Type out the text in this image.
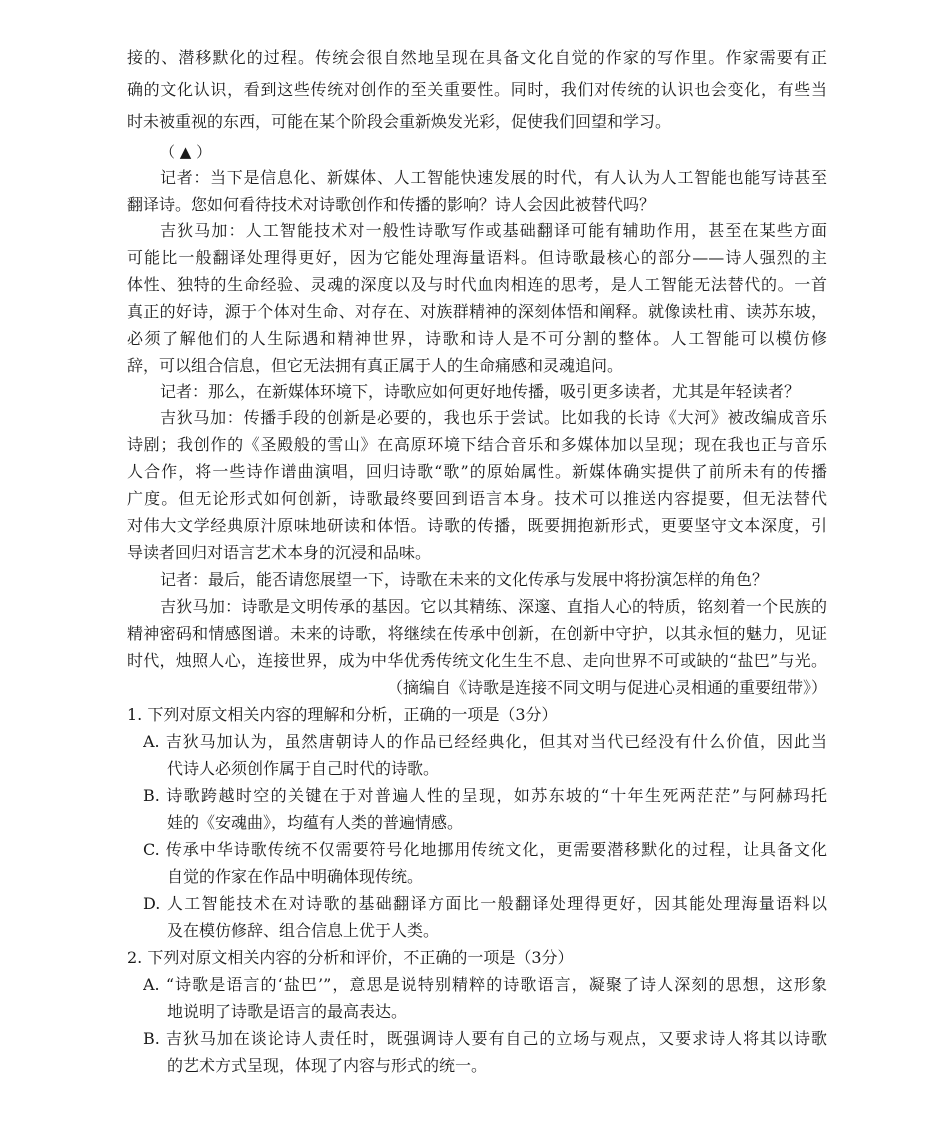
接的、潜移默化的过程。传统会很自然地呈现在具备文化自觉的作家的写作里。作家需要有正
确的文化认识，看到这些传统对创作的至关重要性。同时，我们对传统的认识也会变化，有些当
时未被重视的东西，可能在某个阶段会重新焕发光彩，促使我们回望和学习。
（ ▲ ）
记者：当下是信息化、新媒体、人工智能快速发展的时代，有人认为人工智能也能写诗甚至
翻译诗。您如何看待技术对诗歌创作和传播的影响？诗人会因此被替代吗？
吉狄马加：人工智能技术对一般性诗歌写作或基础翻译可能有辅助作用，甚至在某些方面
可能比一般翻译处理得更好，因为它能处理海量语料。但诗歌最核心的部分——诗人强烈的主
体性、独特的生命经验、灵魂的深度以及与时代血肉相连的思考，是人工智能无法替代的。一首
真正的好诗，源于个体对生命、对存在、对族群精神的深刻体悟和阐释。就像读杜甫、读苏东坡，
必须了解他们的人生际遇和精神世界，诗歌和诗人是不可分割的整体。人工智能可以模仿修
辞，可以组合信息，但它无法拥有真正属于人的生命痛感和灵魂追问。
记者：那么，在新媒体环境下，诗歌应如何更好地传播，吸引更多读者，尤其是年轻读者？
吉狄马加：传播手段的创新是必要的，我也乐于尝试。比如我的长诗《大河》被改编成音乐
诗剧；我创作的《圣殿般的雪山》在高原环境下结合音乐和多媒体加以呈现；现在我也正与音乐
人合作，将一些诗作谱曲演唱，回归诗歌“歌”的原始属性。新媒体确实提供了前所未有的传播
广度。但无论形式如何创新，诗歌最终要回到语言本身。技术可以推送内容提要，但无法替代
对伟大文学经典原汁原味地研读和体悟。诗歌的传播，既要拥抱新形式，更要坚守文本深度，引
导读者回归对语言艺术本身的沉浸和品味。
记者：最后，能否请您展望一下，诗歌在未来的文化传承与发展中将扮演怎样的角色？
吉狄马加：诗歌是文明传承的基因。它以其精练、深邃、直指人心的特质，铭刻着一个民族的
精神密码和情感图谱。未来的诗歌，将继续在传承中创新，在创新中守护，以其永恒的魅力，见证
时代，烛照人心，连接世界，成为中华优秀传统文化生生不息、走向世界不可或缺的“盐巴”与光。
（摘编自《诗歌是连接不同文明与促进心灵相通的重要纽带》）
1. 下列对原文相关内容的理解和分析，正确的一项是（3分）
A. 吉狄马加认为，虽然唐朝诗人的作品已经经典化，但其对当代已经没有什么价值，因此当
代诗人必须创作属于自己时代的诗歌。
B. 诗歌跨越时空的关键在于对普遍人性的呈现，如苏东坡的“十年生死两茫茫”与阿赫玛托
娃的《安魂曲》，均蕴有人类的普遍情感。
C. 传承中华诗歌传统不仅需要符号化地挪用传统文化，更需要潜移默化的过程，让具备文化
自觉的作家在作品中明确体现传统。
D. 人工智能技术在对诗歌的基础翻译方面比一般翻译处理得更好，因其能处理海量语料以
及在模仿修辞、组合信息上优于人类。
2. 下列对原文相关内容的分析和评价，不正确的一项是（3分）
A. “诗歌是语言的‘盐巴’”，意思是说特别精粹的诗歌语言，凝聚了诗人深刻的思想，这形象
地说明了诗歌是语言的最高表达。
B. 吉狄马加在谈论诗人责任时，既强调诗人要有自己的立场与观点，又要求诗人将其以诗歌
的艺术方式呈现，体现了内容与形式的统一。
